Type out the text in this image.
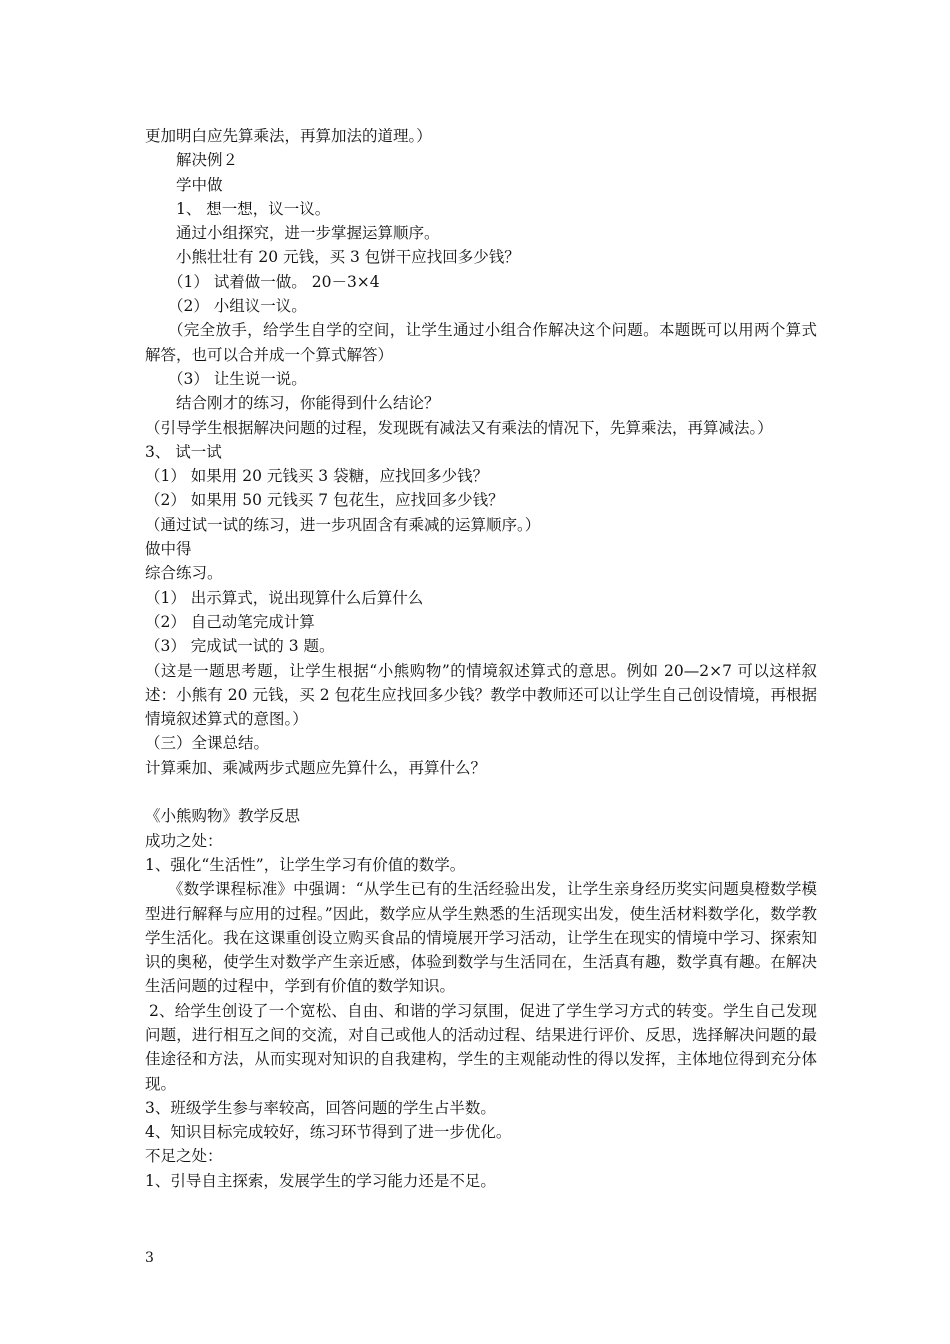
更加明白应先算乘法，再算加法的道理。）
解决例２
学中做
1、 想一想，议一议。
通过小组探究，进一步掌握运算顺序。
小熊壮壮有 20 元钱，买 3 包饼干应找回多少钱？
（1） 试着做一做。 20－3×4
（2） 小组议一议。
（完全放手，给学生自学的空间，让学生通过小组合作解决这个问题。本题既可以用两个算式解答，也可以合并成一个算式解答）
（3） 让生说一说。
结合刚才的练习，你能得到什么结论？
（引导学生根据解决问题的过程，发现既有减法又有乘法的情况下，先算乘法，再算减法。）
3、 试一试
（1） 如果用 20 元钱买 3 袋糖，应找回多少钱？
（2） 如果用 50 元钱买 7 包花生，应找回多少钱？
（通过试一试的练习，进一步巩固含有乘减的运算顺序。）
做中得
综合练习。
（1） 出示算式，说出现算什么后算什么
（2） 自己动笔完成计算
（3） 完成试一试的 3 题。
（这是一题思考题，让学生根据“小熊购物”的情境叙述算式的意思。例如 20—2×7 可以这样叙述：小熊有 20 元钱，买 2 包花生应找回多少钱？教学中教师还可以让学生自己创设情境，再根据情境叙述算式的意图。）
（三）全课总结。
计算乘加、乘减两步式题应先算什么，再算什么？
《小熊购物》教学反思
成功之处：
1、强化“生活性”，让学生学习有价值的数学。
《数学课程标准》中强调：“从学生已有的生活经验出发，让学生亲身经历奖实问题臭橙数学模型进行解释与应用的过程。”因此，数学应从学生熟悉的生活现实出发，使生活材料数学化，数学教学生活化。我在这课重创设立购买食品的情境展开学习活动，让学生在现实的情境中学习、探索知识的奥秘，使学生对数学产生亲近感，体验到数学与生活同在，生活真有趣，数学真有趣。在解决生活问题的过程中，学到有价值的数学知识。
2、给学生创设了一个宽松、自由、和谐的学习氛围，促进了学生学习方式的转变。学生自己发现问题，进行相互之间的交流，对自己或他人的活动过程、结果进行评价、反思，选择解决问题的最佳途径和方法，从而实现对知识的自我建构，学生的主观能动性的得以发挥，主体地位得到充分体现。
3、班级学生参与率较高，回答问题的学生占半数。
4、知识目标完成较好，练习环节得到了进一步优化。
不足之处：
1、引导自主探索，发展学生的学习能力还是不足。
3
